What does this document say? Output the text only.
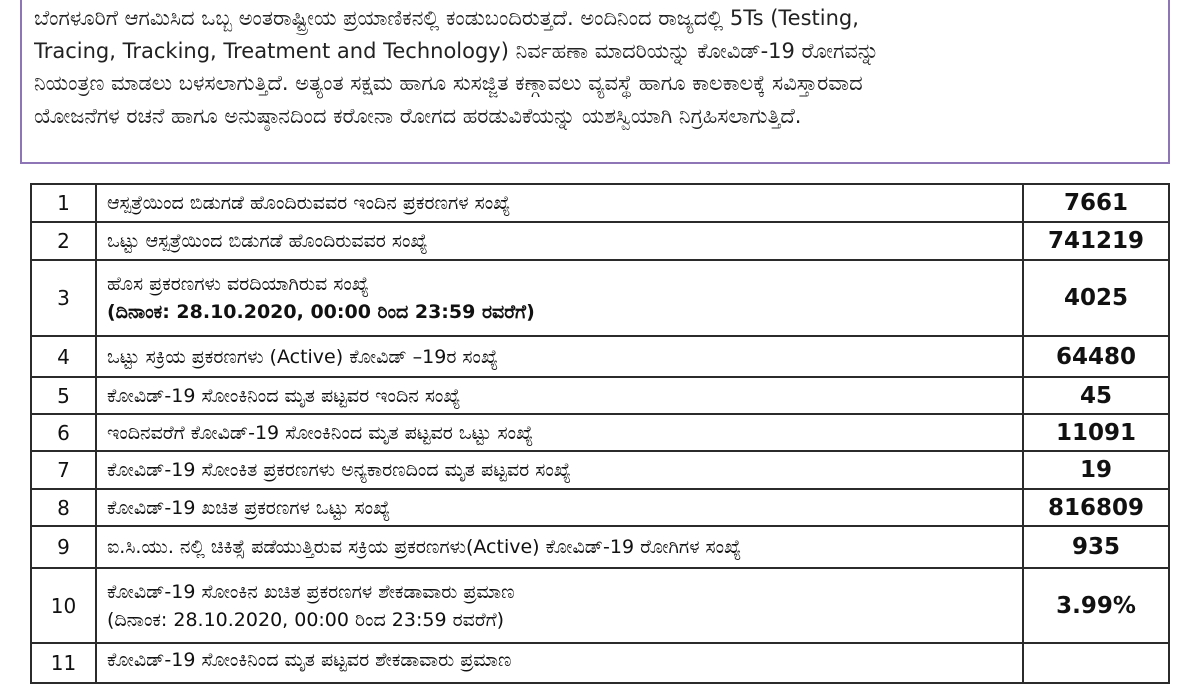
ಬೆಂಗಳೂರಿಗೆ ಆಗಮಿಸಿದ ಒಬ್ಬ ಅಂತರಾಷ್ಟ್ರೀಯ ಪ್ರಯಾಣಿಕನಲ್ಲಿ ಕಂಡುಬಂದಿರುತ್ತದೆ. ಅಂದಿನಿಂದ ರಾಜ್ಯದಲ್ಲಿ 5Ts (Testing,
Tracing, Tracking, Treatment and Technology) ನಿರ್ವಹಣಾ ಮಾದರಿಯನ್ನು ಕೋವಿಡ್-19 ರೋಗವನ್ನು
ನಿಯಂತ್ರಣ ಮಾಡಲು ಬಳಸಲಾಗುತ್ತಿದೆ. ಅತ್ಯಂತ ಸಕ್ಷಮ ಹಾಗೂ ಸುಸಜ್ಜಿತ ಕಣ್ಗಾವಲು ವ್ಯವಸ್ಥೆ ಹಾಗೂ ಕಾಲಕಾಲಕ್ಕೆ ಸವಿಸ್ತಾರವಾದ
ಯೋಜನೆಗಳ ರಚನೆ ಹಾಗೂ ಅನುಷ್ಠಾನದಿಂದ ಕರೋನಾ ರೋಗದ ಹರಡುವಿಕೆಯನ್ನು ಯಶಸ್ವಿಯಾಗಿ ನಿಗ್ರಹಿಸಲಾಗುತ್ತಿದೆ.
1	ಆಸ್ಪತ್ರೆಯಿಂದ ಬಿಡುಗಡೆ ಹೊಂದಿರುವವರ ಇಂದಿನ ಪ್ರಕರಣಗಳ ಸಂಖ್ಯೆ	7661
2	ಒಟ್ಟು ಆಸ್ಪತ್ರೆಯಿಂದ ಬಿಡುಗಡೆ ಹೊಂದಿರುವವರ ಸಂಖ್ಯೆ	741219
3	ಹೊಸ ಪ್ರಕರಣಗಳು ವರದಿಯಾಗಿರುವ ಸಂಖ್ಯೆ
(ದಿನಾಂಕ: 28.10.2020, 00:00 ರಿಂದ 23:59 ರವರೆಗೆ)	4025
4	ಒಟ್ಟು ಸಕ್ರಿಯ ಪ್ರಕರಣಗಳು (Active) ಕೋವಿಡ್ –19ರ ಸಂಖ್ಯೆ	64480
5	ಕೋವಿಡ್-19 ಸೋಂಕಿನಿಂದ ಮೃತ ಪಟ್ಟವರ ಇಂದಿನ ಸಂಖ್ಯೆ	45
6	ಇಂದಿನವರೆಗೆ ಕೋವಿಡ್-19 ಸೋಂಕಿನಿಂದ ಮೃತ ಪಟ್ಟವರ ಒಟ್ಟು ಸಂಖ್ಯೆ	11091
7	ಕೋವಿಡ್-19 ಸೋಂಕಿತ ಪ್ರಕರಣಗಳು ಅನ್ಯಕಾರಣದಿಂದ ಮೃತ ಪಟ್ಟವರ ಸಂಖ್ಯೆ	19
8	ಕೋವಿಡ್-19 ಖಚಿತ ಪ್ರಕರಣಗಳ ಒಟ್ಟು ಸಂಖ್ಯೆ	816809
9	ಐ.ಸಿ.ಯು. ನಲ್ಲಿ ಚಿಕಿತ್ಸೆ ಪಡೆಯುತ್ತಿರುವ ಸಕ್ರಿಯ ಪ್ರಕರಣಗಳು(Active) ಕೋವಿಡ್-19 ರೋಗಿಗಳ ಸಂಖ್ಯೆ	935
10	ಕೋವಿಡ್-19 ಸೋಂಕಿನ ಖಚಿತ ಪ್ರಕರಣಗಳ ಶೇಕಡಾವಾರು ಪ್ರಮಾಣ
(ದಿನಾಂಕ: 28.10.2020, 00:00 ರಿಂದ 23:59 ರವರೆಗೆ)	3.99%
11	ಕೋವಿಡ್-19 ಸೋಂಕಿನಿಂದ ಮೃತ ಪಟ್ಟವರ ಶೇಕಡಾವಾರು ಪ್ರಮಾಣ	
